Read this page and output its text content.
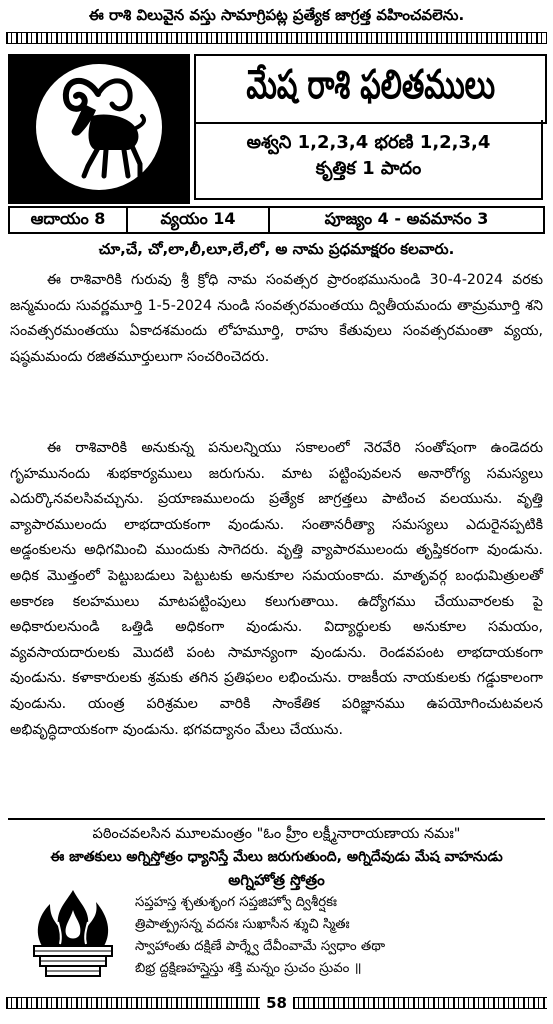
ఈ రాశి విలువైన వస్తు సామాగ్రిపట్ల ప్రత్యేక జాగ్రత్త వహించవలెను.
మేష రాశి ఫలితములు
అశ్వని 1,2,3,4 భరణి 1,2,3,4
కృత్తిక 1 పాదం
ఆదాయం 8	వ్యయం 14	పూజ్యం 4 - అవమానం 3
చూ,చే, చో,లా,లీ,లూ,లే,లో, అ నామ ప్రధమాక్షరం కలవారు.

ఈ రాశివారికి గురువు శ్రీ క్రోధి నామ సంవత్సర ప్రారంభమునుండి 30-4-2024 వరకు జన్మమందు సువర్ణమూర్తి 1-5-2024 నుండి సంవత్సరమంతయు ద్వితీయమందు తామ్రమూర్తి శని సంవత్సరమంతయు ఏకాదశమందు లోహమూర్తి, రాహు కేతువులు సంవత్సరమంతా వ్యయ, షష్ఠమమందు రజితమూర్తులుగా సంచరించెదరు.

ఈ రాశివారికి అనుకున్న పనులన్నియు సకాలంలో నెరవేరి సంతోషంగా ఉండెదరు గృహమునందు శుభకార్యములు జరుగును. మాట పట్టింపువలన అనారోగ్య సమస్యలు ఎదుర్కొనవలసివచ్చును. ప్రయాణములందు ప్రత్యేక జాగ్రత్తలు పాటించ వలయును. వృత్తి వ్యాపారములందు లాభదాయకంగా వుండును. సంతానరీత్యా సమస్యలు ఎదురైనప్పటికి అడ్డంకులను అధిగమించి ముందుకు సాగెదరు. వృత్తి వ్యాపారములందు తృప్తికరంగా వుండును. అధిక మొత్తంలో పెట్టుబడులు పెట్టుటకు అనుకూల సమయంకాదు. మాతృవర్గ బంధుమిత్రులతో అకారణ కలహములు మాటపట్టింపులు కలుగుతాయి. ఉద్యోగము చేయువారలకు పై అధికారులనుండి ఒత్తిడి అధికంగా వుండును. విద్యార్థులకు అనుకూల సమయం, వ్యవసాయదారులకు మొదటి పంట సామాన్యంగా వుండును. రెండవపంట లాభదాయకంగా వుండును. కళాకారులకు శ్రమకు తగిన ప్రతిఫలం లభించును. రాజకీయ నాయకులకు గడ్డుకాలంగా వుండును. యంత్ర పరిశ్రమల వారికి సాంకేతిక పరిజ్ఞానము ఉపయోగించుటవలన అభివృద్ధిదాయకంగా వుండును. భగవద్యానం మేలు చేయును.

పఠించవలసిన మూలమంత్రం "ఓం హ్రీం లక్ష్మీనారాయణాయ నమః"
ఈ జాతకులు అగ్నిస్తోత్రం ధ్యానిస్తే మేలు జరుగుతుంది, అగ్నిదేవుడు మేష వాహనుడు
అగ్నిహోత్ర స్తోత్రం
సప్తహస్త శ్చతుశృంగ సప్తజిహ్వో ద్విశీర్షకః
త్రిపాత్ప్రసన్న వదనః సుఖాసీన శ్శుచి స్మితః
స్వాహాంతు దక్షిణే పార్శ్వే దేవీంవామే స్వధాం తథా
బిభ్ర ద్దక్షిణహస్తైస్తు శక్తి మన్నం స్రుచం స్రువం ॥
58
